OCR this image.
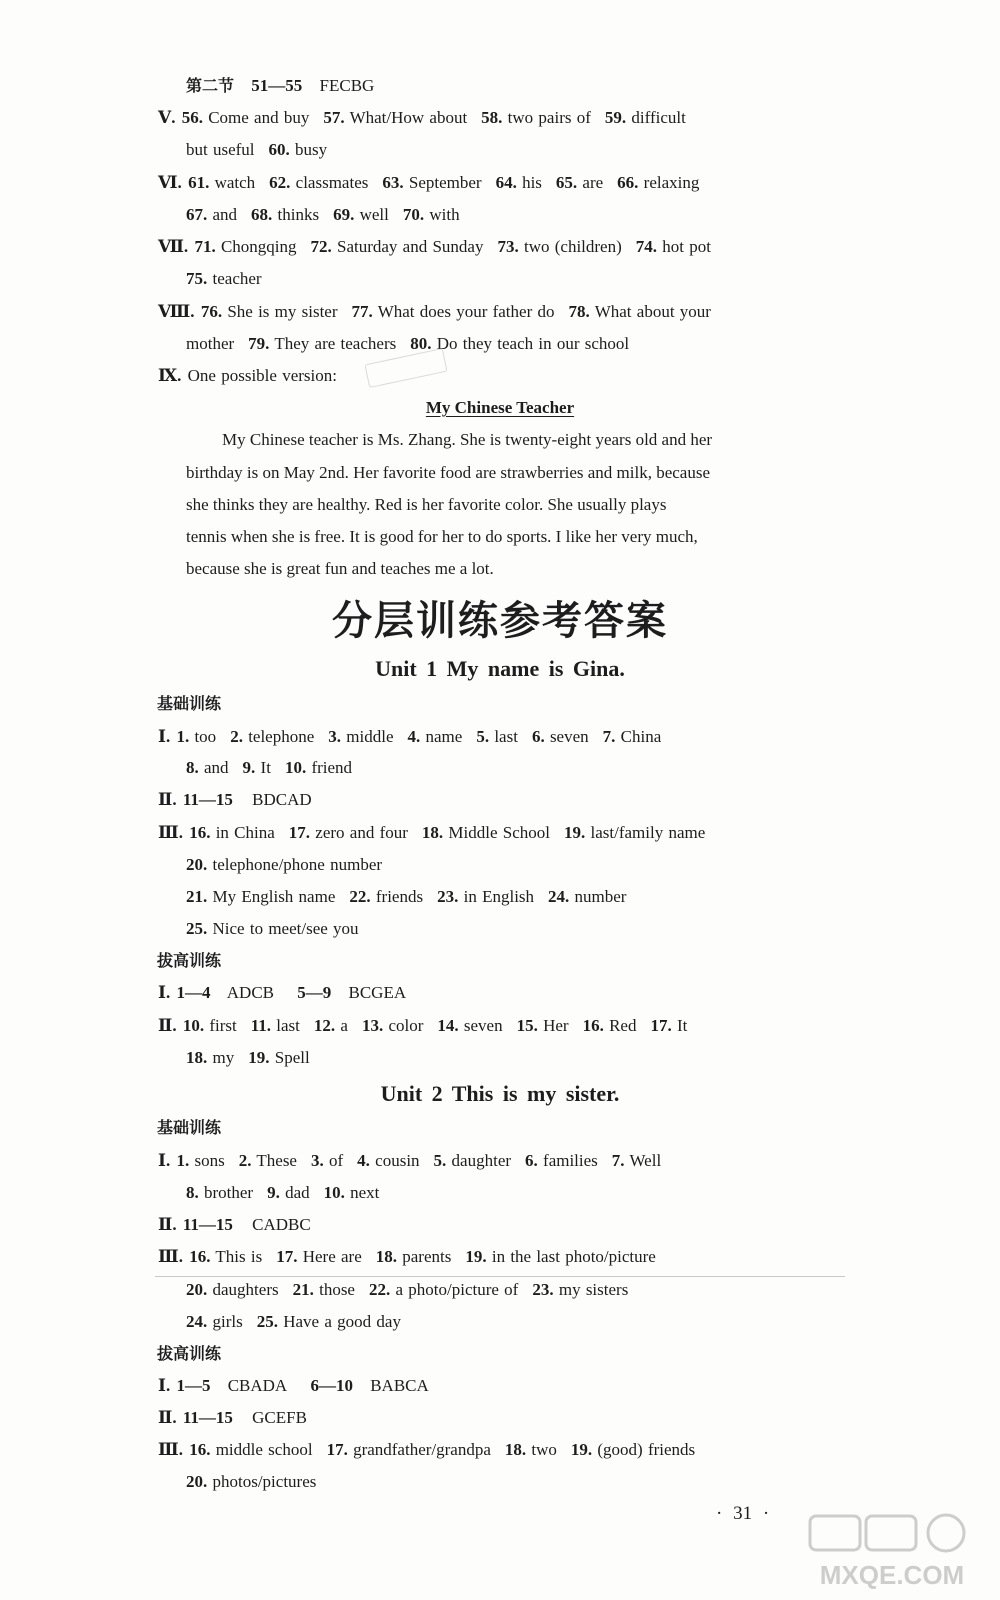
第二节 51—55 FECBG
Ⅴ. 56. Come and buy 57. What/How about 58. two pairs of 59. difficult
but useful 60. busy
Ⅵ. 61. watch 62. classmates 63. September 64. his 65. are 66. relaxing
67. and 68. thinks 69. well 70. with
Ⅶ. 71. Chongqing 72. Saturday and Sunday 73. two (children) 74. hot pot
75. teacher
Ⅷ. 76. She is my sister 77. What does your father do 78. What about your
mother 79. They are teachers 80. Do they teach in our school
Ⅸ. One possible version:
My Chinese Teacher
My Chinese teacher is Ms. Zhang. She is twenty-eight years old and her
birthday is on May 2nd. Her favorite food are strawberries and milk, because
she thinks they are healthy. Red is her favorite color. She usually plays
tennis when she is free. It is good for her to do sports. I like her very much,
because she is great fun and teaches me a lot.
分层训练参考答案
Unit 1 My name is Gina.
基础训练
Ⅰ. 1. too 2. telephone 3. middle 4. name 5. last 6. seven 7. China
8. and 9. It 10. friend
Ⅱ. 11—15 BDCAD
Ⅲ. 16. in China 17. zero and four 18. Middle School 19. last/family name
20. telephone/phone number
21. My English name 22. friends 23. in English 24. number
25. Nice to meet/see you
拔高训练
Ⅰ. 1—4 ADCB 5—9 BCGEA
Ⅱ. 10. first 11. last 12. a 13. color 14. seven 15. Her 16. Red 17. It
18. my 19. Spell
Unit 2 This is my sister.
基础训练
Ⅰ. 1. sons 2. These 3. of 4. cousin 5. daughter 6. families 7. Well
8. brother 9. dad 10. next
Ⅱ. 11—15 CADBC
Ⅲ. 16. This is 17. Here are 18. parents 19. in the last photo/picture
20. daughters 21. those 22. a photo/picture of 23. my sisters
24. girls 25. Have a good day
拔高训练
Ⅰ. 1—5 CBADA 6—10 BABCA
Ⅱ. 11—15 GCEFB
Ⅲ. 16. middle school 17. grandfather/grandpa 18. two 19. (good) friends
20. photos/pictures
· 31 ·
MXQE.COM
